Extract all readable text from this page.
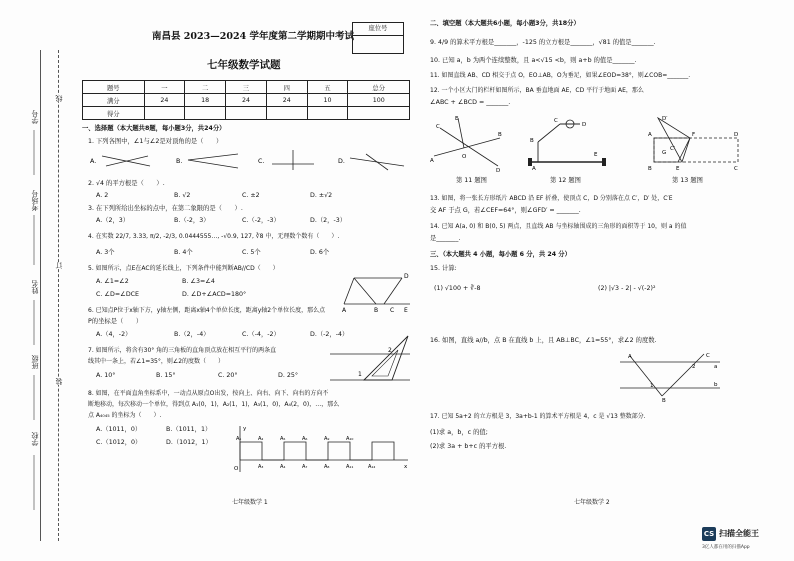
学号
考场号
姓名
班级
学校
线
订
装
南昌县 2023—2024 学年度第二学期期中考试
座位号
七年级数学试题
题号	一	二	三	四	五	总分
满分	24	18	24	24	10	100
得分						
一、选择题（本大题共8题，每小题3分，共24分）
1. 下列各图中，∠1与∠2是对顶角的是（　　）
A.	B.	C.	D.
2. √4 的平方根是（　　）.
A. 2	B. √2	C. ±2	D. ±√2
3. 在下列所给出坐标的点中，在第二象限的是（　　）.
A.（2，3）	B.（-2，3）	C.（-2，-3）	D.（2，-3）
4. 在实数 22/7, 3.33, π/2, -2/3, 0.0444555…, -√0.9, 127, ∛8 中，无理数个数有（　　）.
A. 3个	B. 4个	C. 5个	D. 6个
5. 如图所示，点E在AC的延长线上，下列条件中能判断AB//CD（　　）
A. ∠1=∠2	B. ∠3=∠4
C. ∠D=∠DCE	D. ∠D+∠ACD=180°
A	B C
D
E
6. 已知点P位于x轴下方，y轴左侧，距离x轴4个单位长度，距离y轴2个单位长度，那么点
P的坐标是（　　）
A.（4，-2）	B.（2，-4）	C.（-4，-2）	D.（-2，-4）
7. 如图所示，将含有30° 角的三角板的直角顶点放在相互平行的两条直
线其中一条上，若∠1=35°，则∠2的度数（　　）
A. 10°	B. 15°	C. 20°	D. 25°	1
2
8. 如图，在平面直角坐标系中，一动点从原点O出发，按向上、向右、向下、向右的方向不
断地移动，每次移动一个单位，得到点 A₁(0，1)，A₂(1，1)，A₃(1，0)，A₄(2，0)，…，那么
点 A₄₀₄₅ 的坐标为（　　）.
A.（1011，0）	B.（1011，1）
C.（1012，0）	D.（1012，1）
O
A₁	A₂
A₃	A₄
A₅	A₆
A₇	A₈
A₉	A₁₀
A₁₁	A₁₂	x
y
七年级数学 1
二、填空题（本大题共6小题，每小题3分，共18分）
9. 4/9 的算术平方根是_______，-125 的立方根是_______，√81 的值是_______.
10. 已知 a，b 为两个连续整数，且 a<√15 <b，则 a+b 的值是_______.
11. 如图直线 AB、CD 相交于点 O，EO⊥AB，O为垂足，如果∠EOD=38°，则∠COB=_______.
12. 一个小区大门的栏杆如图所示，BA 垂直地面 AE，CD 平行于地面 AE，那么
∠ABC + ∠BCD = _______.
A
B
C
D
E
O
A
B
C
D
E
A
B	C
D
D′
C′
E
F
G
第 11 题图	第 12 题图	第 13 题图
13. 如图，将一张长方形纸片 ABCD 沿 EF 折叠，使顶点 C，D 分别落在点 C′，D′ 处，C′E
交 AF 于点 G，若∠CEF=64°，则∠GFD′ = _______.
14. 已知 A(a, 0) 和 B(0, 5) 两点，且直线 AB 与坐标轴围成的三角形的面积等于 10，则 a 的值
是_______.
三、（本大题共 4 小题，每小题 6 分，共 24 分）
15. 计算:
(1) √100 + ∛-8	(2) |√3 - 2| - √(-2)²
16. 如图，直线 a//b，点 B 在直线 b 上，且 AB⊥BC，∠1=55°，求∠2 的度数.
A	C
2	a
1	b
B
17. 已知 5a+2 的立方根是 3，3a+b-1 的算术平方根是 4，c 是 √13 整数部分.
(1)求 a，b，c 的值;
(2)求 3a + b+c 的平方根.
七年级数学 2
CS 扫描全能王
3亿人都在用的扫描App
